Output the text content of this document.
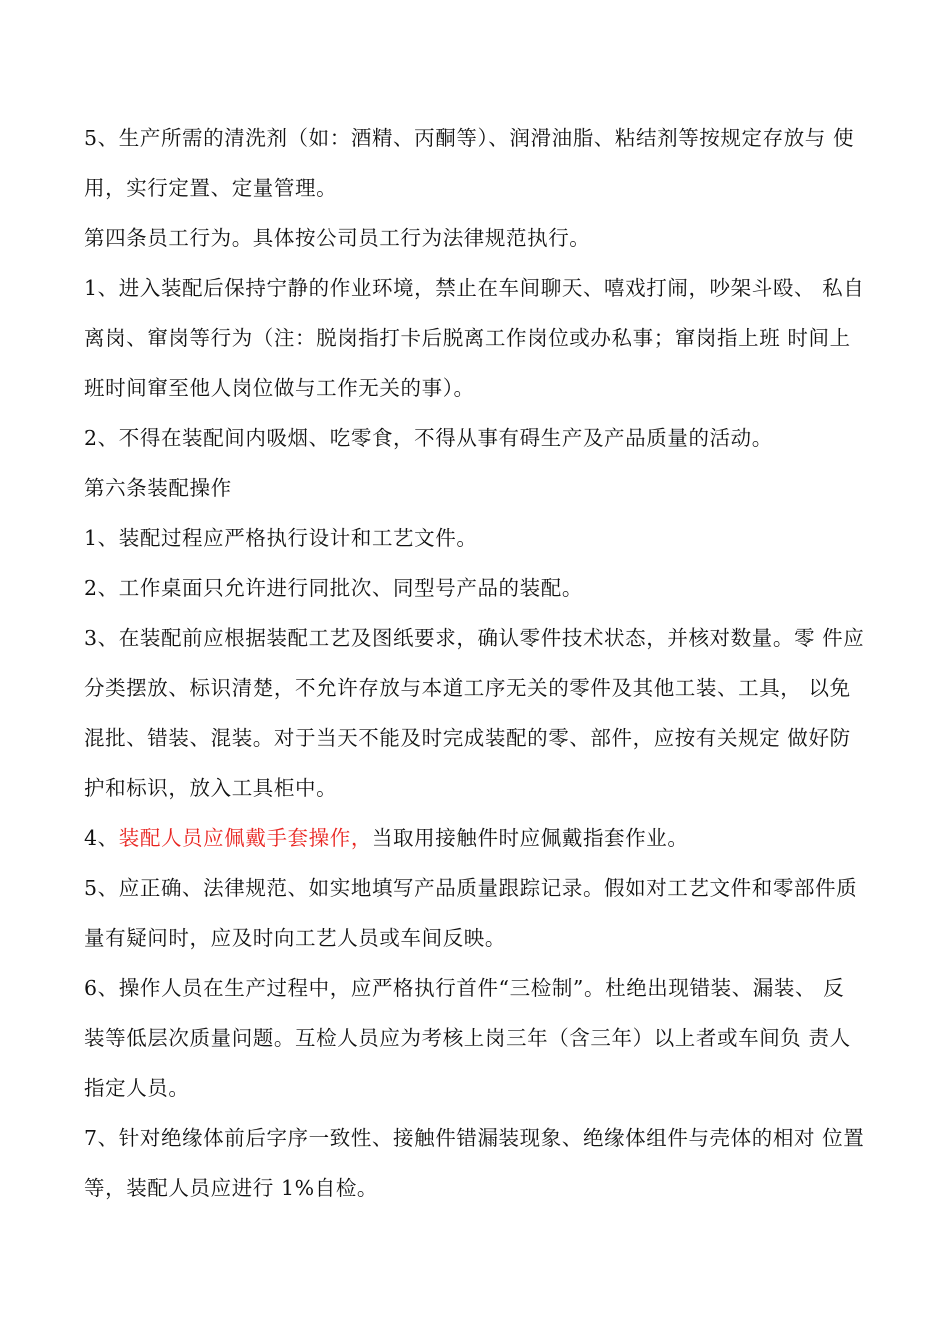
5、生产所需的清洗剂（如：酒精、丙酮等）、润滑油脂、粘结剂等按规定存放与 使
用，实行定置、定量管理。
第四条员工行为。具体按公司员工行为法律规范执行。
1、进入装配后保持宁静的作业环境，禁止在车间聊天、嘻戏打闹，吵架斗殴、 私自
离岗、窜岗等行为（注：脱岗指打卡后脱离工作岗位或办私事；窜岗指上班 时间上
班时间窜至他人岗位做与工作无关的事）。
2、不得在装配间内吸烟、吃零食，不得从事有碍生产及产品质量的活动。
第六条装配操作
1、装配过程应严格执行设计和工艺文件。
2、工作桌面只允许进行同批次、同型号产品的装配。
3、在装配前应根据装配工艺及图纸要求，确认零件技术状态，并核对数量。零 件应
分类摆放、标识清楚，不允许存放与本道工序无关的零件及其他工装、工具， 以免
混批、错装、混装。对于当天不能及时完成装配的零、部件，应按有关规定 做好防
护和标识，放入工具柜中。
4、装配人员应佩戴手套操作，当取用接触件时应佩戴指套作业。
5、应正确、法律规范、如实地填写产品质量跟踪记录。假如对工艺文件和零部件质
量有疑问时，应及时向工艺人员或车间反映。
6、操作人员在生产过程中，应严格执行首件“三检制”。杜绝出现错装、漏装、 反
装等低层次质量问题。互检人员应为考核上岗三年（含三年）以上者或车间负 责人
指定人员。
7、针对绝缘体前后字序一致性、接触件错漏装现象、绝缘体组件与壳体的相对 位置
等，装配人员应进行 1%自检。
